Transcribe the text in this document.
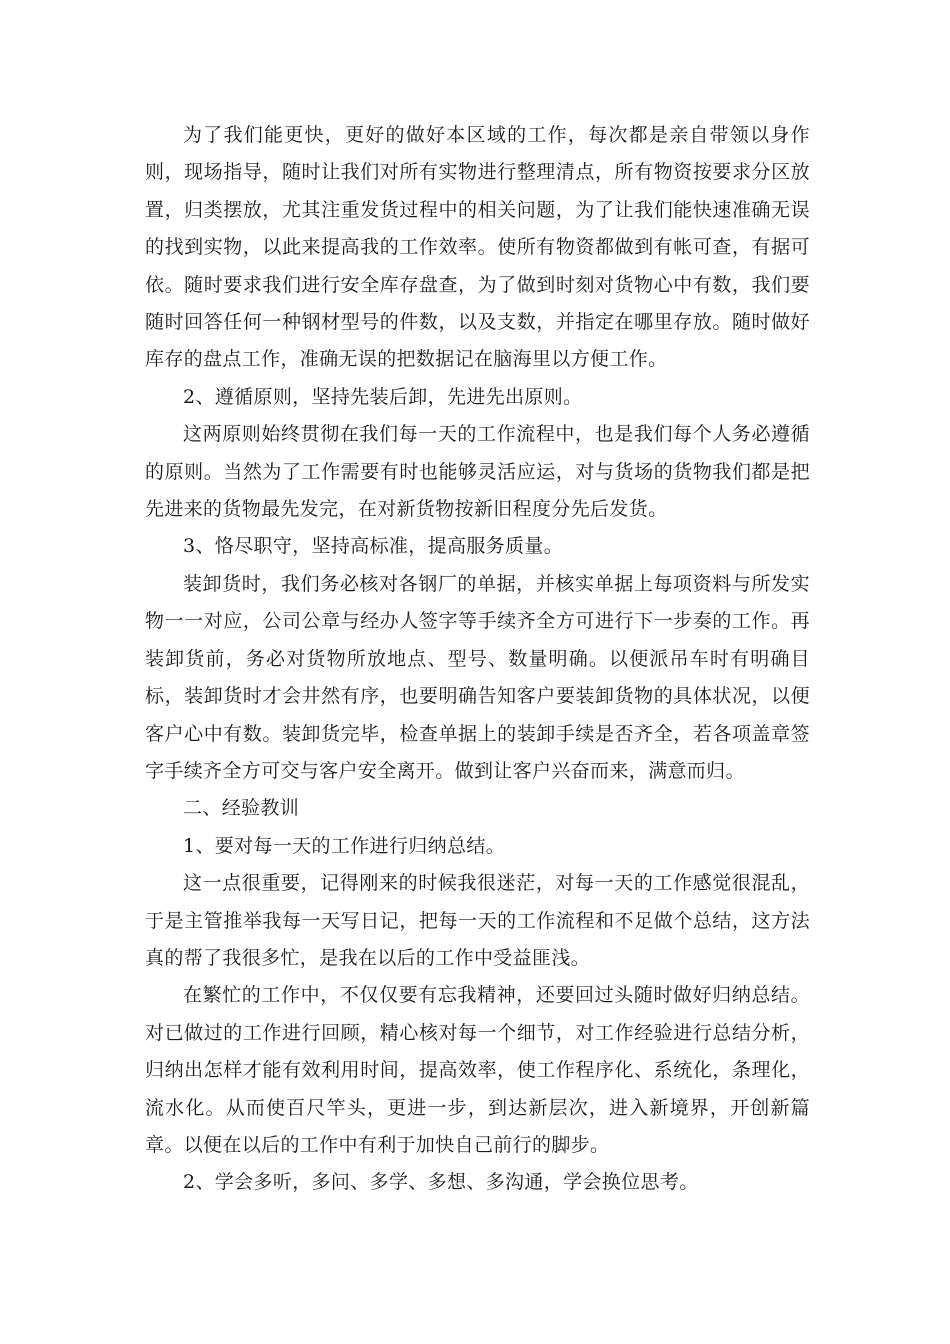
为了我们能更快，更好的做好本区域的工作，每次都是亲自带领以身作则，现场指导，随时让我们对所有实物进行整理清点，所有物资按要求分区放置，归类摆放，尤其注重发货过程中的相关问题，为了让我们能快速准确无误的找到实物，以此来提高我的工作效率。使所有物资都做到有帐可查，有据可依。随时要求我们进行安全库存盘查，为了做到时刻对货物心中有数，我们要随时回答任何一种钢材型号的件数，以及支数，并指定在哪里存放。随时做好库存的盘点工作，准确无误的把数据记在脑海里以方便工作。

2、遵循原则，坚持先装后卸，先进先出原则。

这两原则始终贯彻在我们每一天的工作流程中，也是我们每个人务必遵循的原则。当然为了工作需要有时也能够灵活应运，对与货场的货物我们都是把先进来的货物最先发完，在对新货物按新旧程度分先后发货。

3、恪尽职守，坚持高标准，提高服务质量。

装卸货时，我们务必核对各钢厂的单据，并核实单据上每项资料与所发实物一一对应，公司公章与经办人签字等手续齐全方可进行下一步奏的工作。再装卸货前，务必对货物所放地点、型号、数量明确。以便派吊车时有明确目标，装卸货时才会井然有序，也要明确告知客户要装卸货物的具体状况，以便客户心中有数。装卸货完毕，检查单据上的装卸手续是否齐全，若各项盖章签字手续齐全方可交与客户安全离开。做到让客户兴奋而来，满意而归。

二、经验教训

1、要对每一天的工作进行归纳总结。

这一点很重要，记得刚来的时候我很迷茫，对每一天的工作感觉很混乱，于是主管推举我每一天写日记，把每一天的工作流程和不足做个总结，这方法真的帮了我很多忙，是我在以后的工作中受益匪浅。

在繁忙的工作中，不仅仅要有忘我精神，还要回过头随时做好归纳总结。对已做过的工作进行回顾，精心核对每一个细节，对工作经验进行总结分析，归纳出怎样才能有效利用时间，提高效率，使工作程序化、系统化，条理化，流水化。从而使百尺竿头，更进一步，到达新层次，进入新境界，开创新篇章。以便在以后的工作中有利于加快自己前行的脚步。

2、学会多听，多问、多学、多想、多沟通，学会换位思考。
